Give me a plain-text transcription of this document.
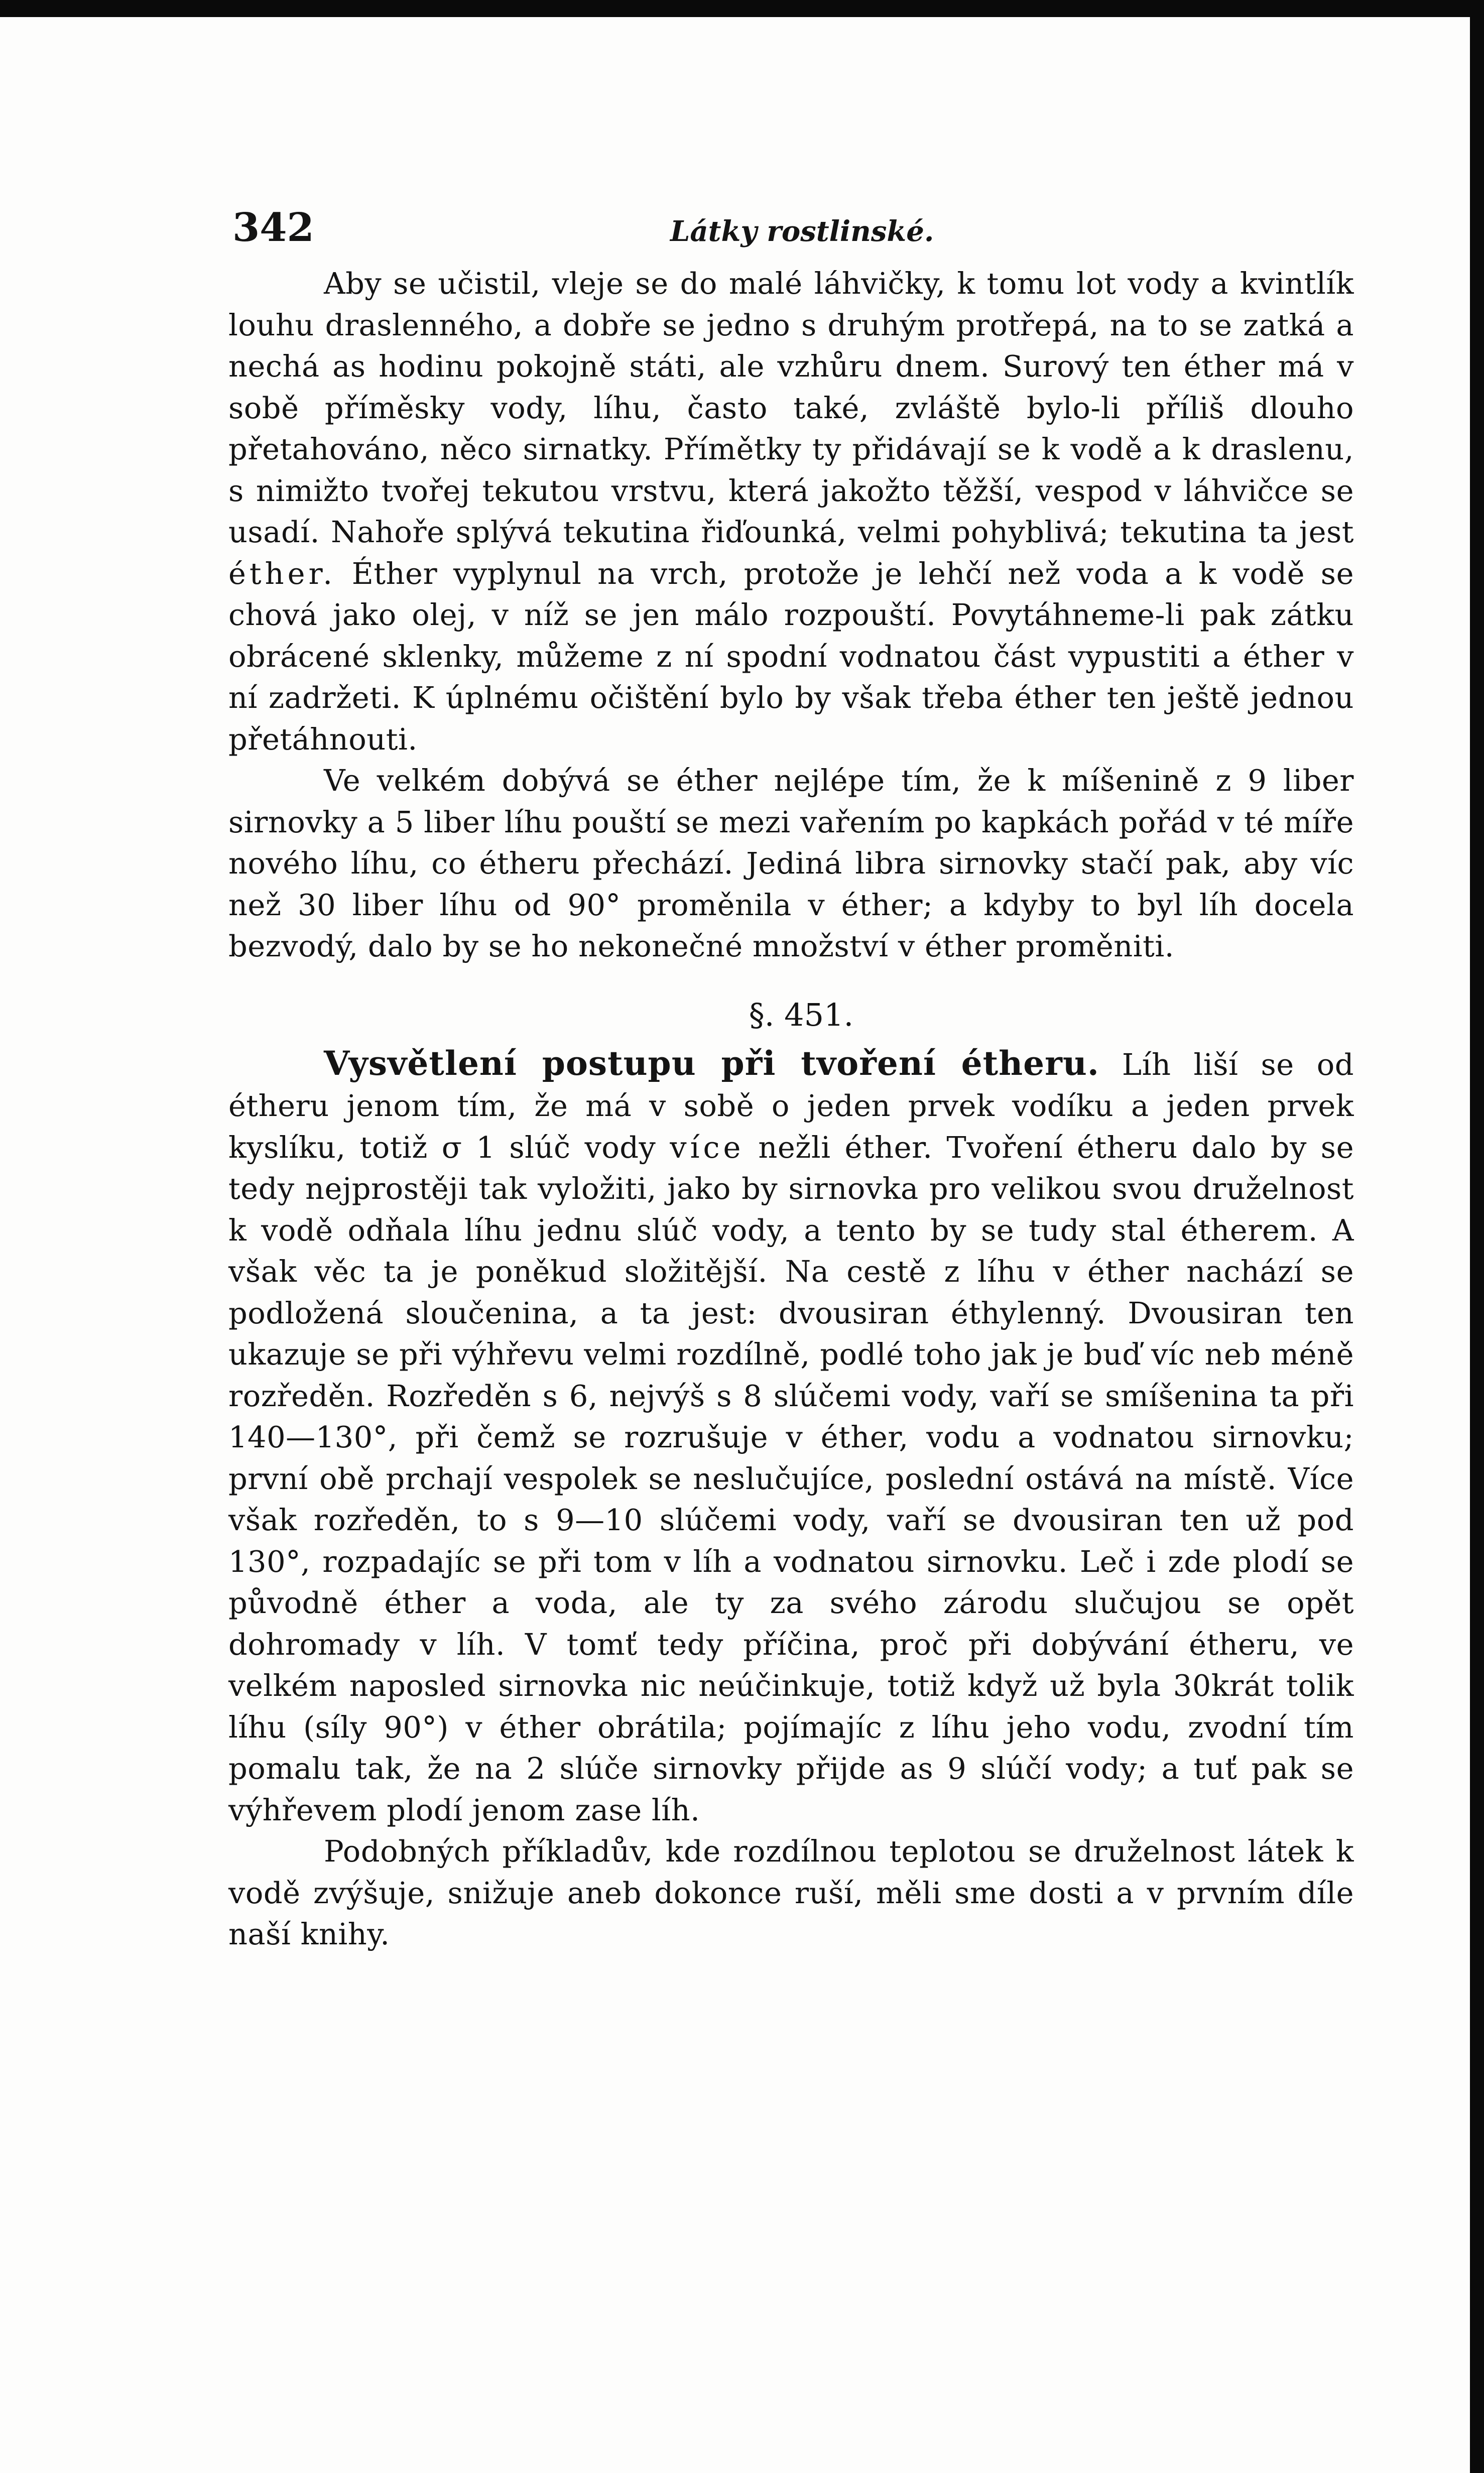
342	Látky rostlinské.

Aby se učistil, vleje se do malé láhvičky, k tomu lot vody a kvintlík louhu draslenného, a dobře se jedno s druhým protřepá, na to se zatká a nechá as hodinu pokojně státi, ale vzhůru dnem. Surový ten éther má v sobě příměsky vody, líhu, často také, zvláště bylo-li příliš dlouho přetahováno, něco sirnatky. Přímětky ty přidávají se k vodě a k draslenu, s nimižto tvořej tekutou vrstvu, která jakožto těžší, vespod v láhvičce se usadí. Nahoře splývá tekutina řiďounká, velmi pohyblivá; tekutina ta jest éther. Éther vyplynul na vrch, protože je lehčí než voda a k vodě se chová jako olej, v níž se jen málo rozpouští. Povytáhneme-li pak zátku obrácené sklenky, můžeme z ní spodní vodnatou část vypustiti a éther v ní zadržeti. K úplnému očištění bylo by však třeba éther ten ještě jednou přetáhnouti.

Ve velkém dobývá se éther nejlépe tím, že k míšenině z 9 liber sirnovky a 5 liber líhu pouští se mezi vařením po kapkách pořád v té míře nového líhu, co étheru přechází. Jediná libra sirnovky stačí pak, aby víc než 30 liber líhu od 90° proměnila v éther; a kdyby to byl líh docela bezvodý, dalo by se ho nekonečné množství v éther proměniti.

§. 451.

Vysvětlení postupu při tvoření étheru. Líh liší se od étheru jenom tím, že má v sobě o jeden prvek vodíku a jeden prvek kyslíku, totiž σ 1 slúč vody více nežli éther. Tvoření étheru dalo by se tedy nejprostěji tak vyložiti, jako by sirnovka pro velikou svou druželnost k vodě odňala líhu jednu slúč vody, a tento by se tudy stal étherem. A však věc ta je poněkud složitější. Na cestě z líhu v éther nachází se podložená sloučenina, a ta jest: dvousiran éthylenný. Dvousiran ten ukazuje se při výhřevu velmi rozdílně, podlé toho jak je buď víc neb méně rozředěn. Rozředěn s 6, nejvýš s 8 slúčemi vody, vaří se smíšenina ta při 140—130°, při čemž se rozrušuje v éther, vodu a vodnatou sirnovku; první obě prchají vespolek se neslučujíce, poslední ostává na místě. Více však rozředěn, to s 9—10 slúčemi vody, vaří se dvousiran ten už pod 130°, rozpadajíc se při tom v líh a vodnatou sirnovku. Leč i zde plodí se původně éther a voda, ale ty za svého zárodu slučujou se opět dohromady v líh. V tomť tedy příčina, proč při dobývání étheru, ve velkém naposled sirnovka nic neúčinkuje, totiž když už byla 30krát tolik líhu (síly 90°) v éther obrátila; pojímajíc z líhu jeho vodu, zvodní tím pomalu tak, že na 2 slúče sirnovky přijde as 9 slúčí vody; a tuť pak se výhřevem plodí jenom zase líh.

Podobných příkladův, kde rozdílnou teplotou se druželnost látek k vodě zvýšuje, snižuje aneb dokonce ruší, měli sme dosti a v prvním díle naší knihy.
